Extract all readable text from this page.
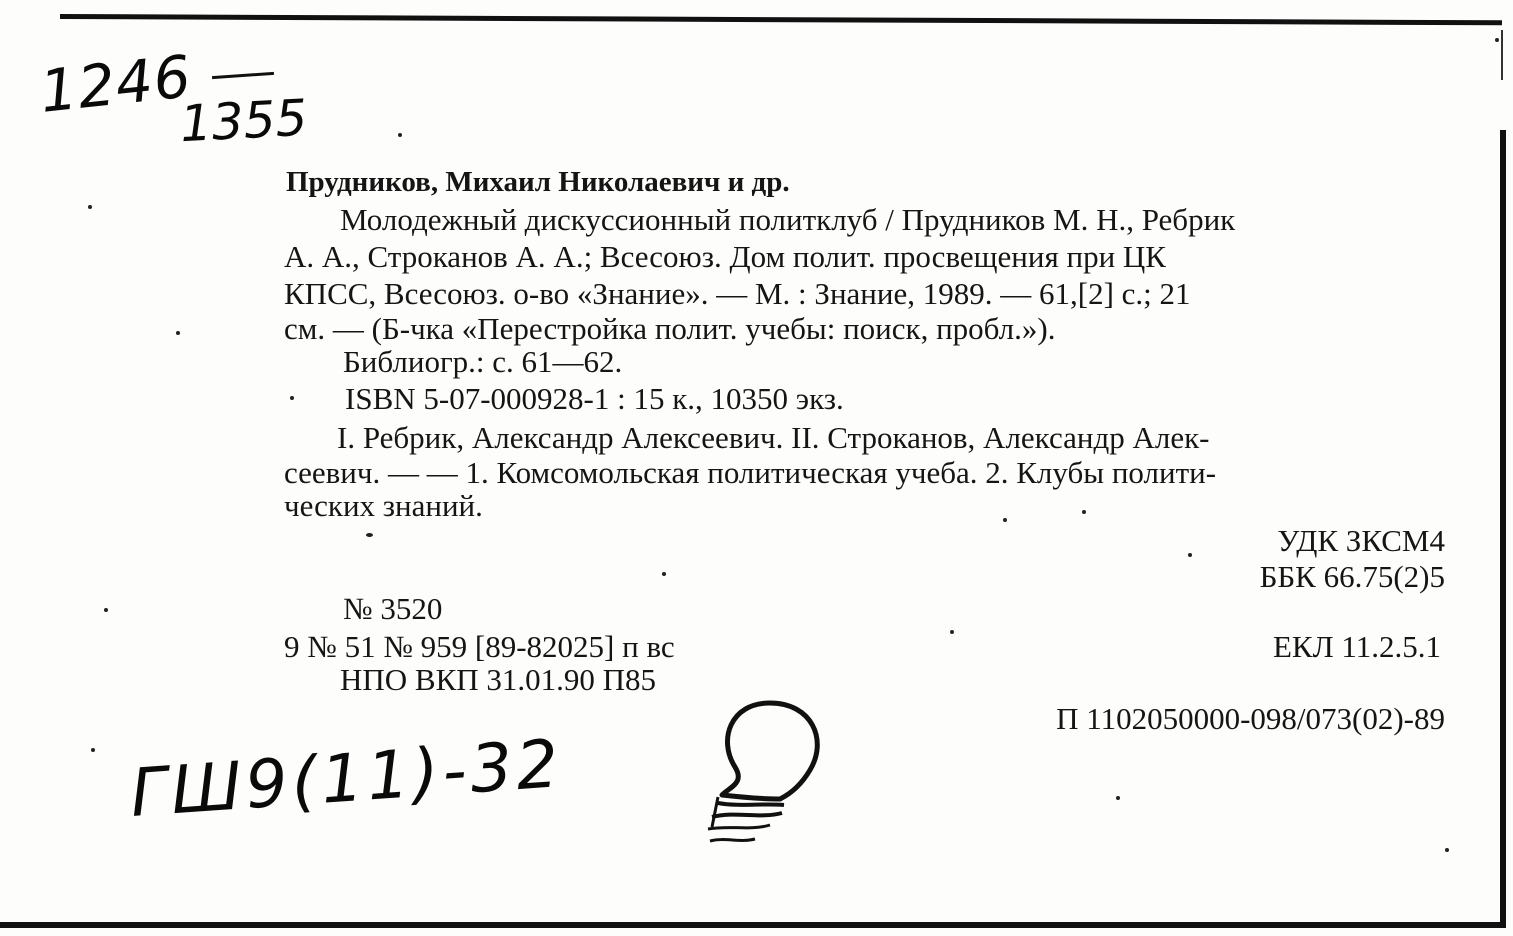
1246
1355
Прудников, Михаил Николаевич и др.
Молодежный дискуссионный политклуб / Прудников М. Н., Ребрик
А. А., Строканов А. А.; Всесоюз. Дом полит. просвещения при ЦК
КПСС, Всесоюз. о-во «Знание». — М. : Знание, 1989. — 61,[2] с.; 21
см. — (Б-чка «Перестройка полит. учебы: поиск, пробл.»).
Библиогр.: с. 61—62.
ISBN 5-07-000928-1 : 15 к., 10350 экз.
I. Ребрик, Александр Алексеевич. II. Строканов, Александр Алек-
сеевич. — — 1. Комсомольская политическая учеба. 2. Клубы полити-
ческих знаний.
УДК ЗКСМ4
ББК 66.75(2)5
ЕКЛ 11.2.5.1
П 1102050000-098/073(02)-89
№ 3520
9 № 51 № 959 [89-82025] п вс
НПО ВКП 31.01.90 П85
ГШ9(11)-32
